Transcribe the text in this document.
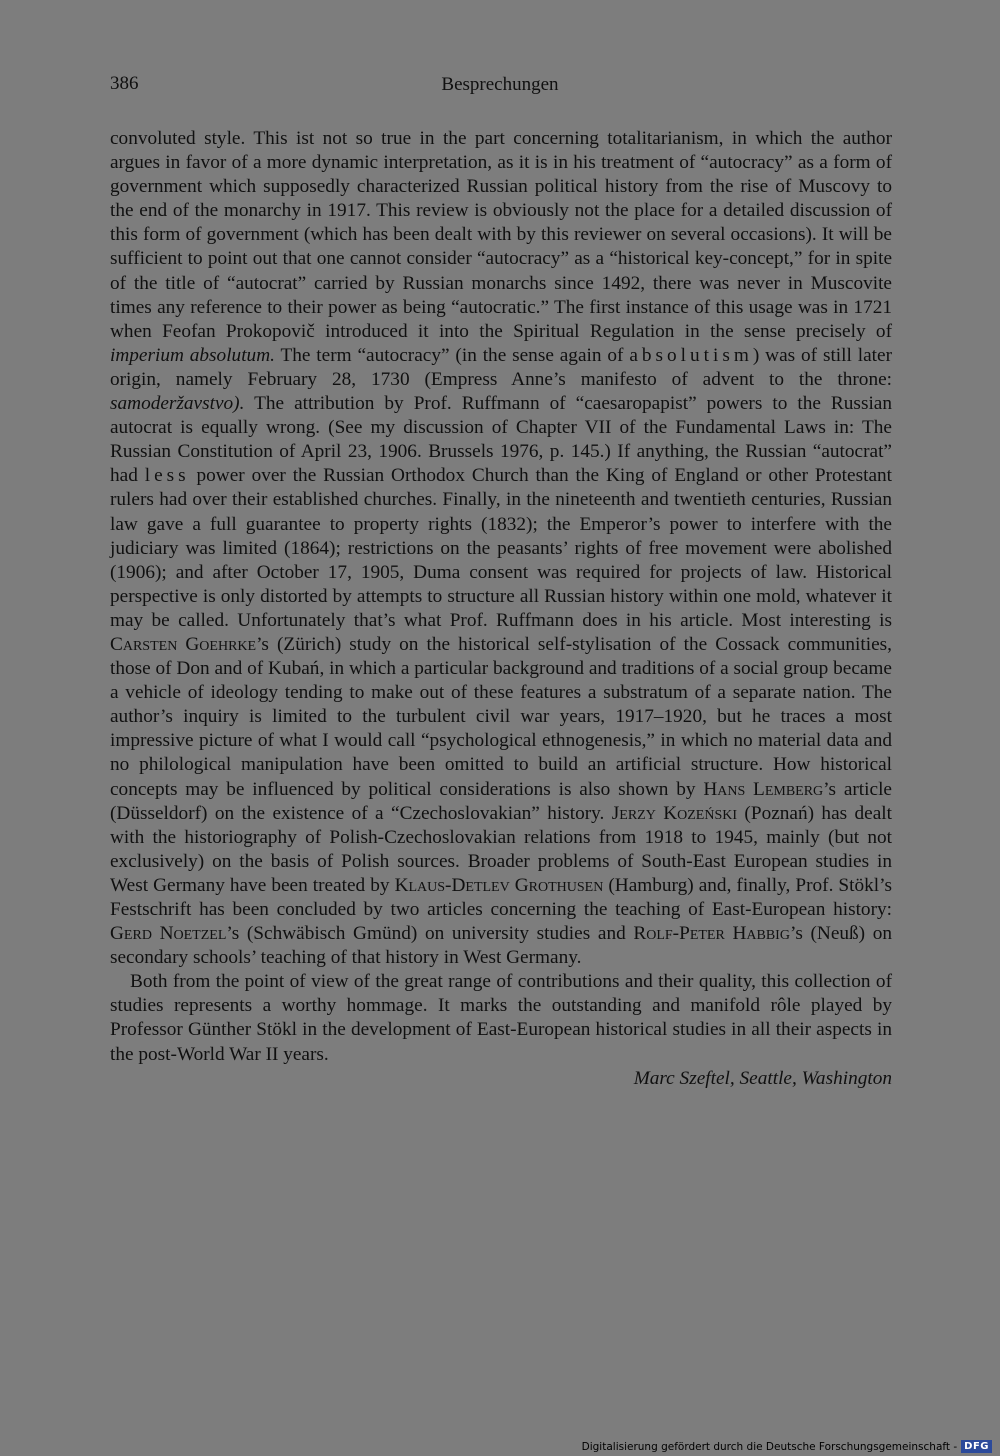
386	Besprechungen

convoluted style. This ist not so true in the part concerning totalitarianism, in which the author argues in favor of a more dynamic interpretation, as it is in his treatment of “autocracy” as a form of government which supposedly characterized Russian political history from the rise of Muscovy to the end of the monarchy in 1917. This review is obviously not the place for a detailed discussion of this form of government (which has been dealt with by this reviewer on several occasions). It will be sufficient to point out that one cannot consider “autocracy” as a “historical key-concept,” for in spite of the title of “autocrat” carried by Russian monarchs since 1492, there was never in Muscovite times any reference to their power as being “autocratic.” The first instance of this usage was in 1721 when Feofan Prokopovič introduced it into the Spiritual Regulation in the sense precisely of imperium absolutum. The term “autocracy” (in the sense again of absolutism) was of still later origin, namely February 28, 1730 (Empress Anne’s manifesto of advent to the throne: samoderžavstvo). The attribution by Prof. Ruffmann of “caesaropapist” powers to the Russian autocrat is equally wrong. (See my discussion of Chapter VII of the Fundamental Laws in: The Russian Constitution of April 23, 1906. Brussels 1976, p. 145.) If anything, the Russian “autocrat” had less power over the Russian Orthodox Church than the King of England or other Protestant rulers had over their established churches. Finally, in the nineteenth and twentieth centuries, Russian law gave a full guarantee to property rights (1832); the Emperor’s power to interfere with the judiciary was limited (1864); restrictions on the peasants’ rights of free movement were abolished (1906); and after October 17, 1905, Duma consent was required for projects of law. Historical perspective is only distorted by attempts to structure all Russian history within one mold, whatever it may be called. Unfortunately that’s what Prof. Ruffmann does in his article. Most interesting is Carsten Goehrke’s (Zürich) study on the historical self-stylisation of the Cossack communities, those of Don and of Kubań, in which a particular background and traditions of a social group became a vehicle of ideology tending to make out of these features a substratum of a separate nation. The author’s inquiry is limited to the turbulent civil war years, 1917–1920, but he traces a most impressive picture of what I would call “psychological ethnogenesis,” in which no material data and no philological manipulation have been omitted to build an artificial structure. How historical concepts may be influenced by political considerations is also shown by Hans Lemberg’s article (Düsseldorf) on the existence of a “Czechoslovakian” history. Jerzy Kozeński (Poznań) has dealt with the historiography of Polish-Czechoslovakian relations from 1918 to 1945, mainly (but not exclusively) on the basis of Polish sources. Broader problems of South-East European studies in West Germany have been treated by Klaus-Detlev Grothusen (Hamburg) and, finally, Prof. Stökl’s Festschrift has been concluded by two articles concerning the teaching of East-European history: Gerd Noetzel’s (Schwäbisch Gmünd) on university studies and Rolf-Peter Habbig’s (Neuß) on secondary schools’ teaching of that history in West Germany.

Both from the point of view of the great range of contributions and their quality, this collection of studies represents a worthy hommage. It marks the outstanding and manifold rôle played by Professor Günther Stökl in the development of East-European historical studies in all their aspects in the post-World War II years.

Marc Szeftel, Seattle, Washington

Digitalisierung gefördert durch die Deutsche Forschungsgemeinschaft - DFG
